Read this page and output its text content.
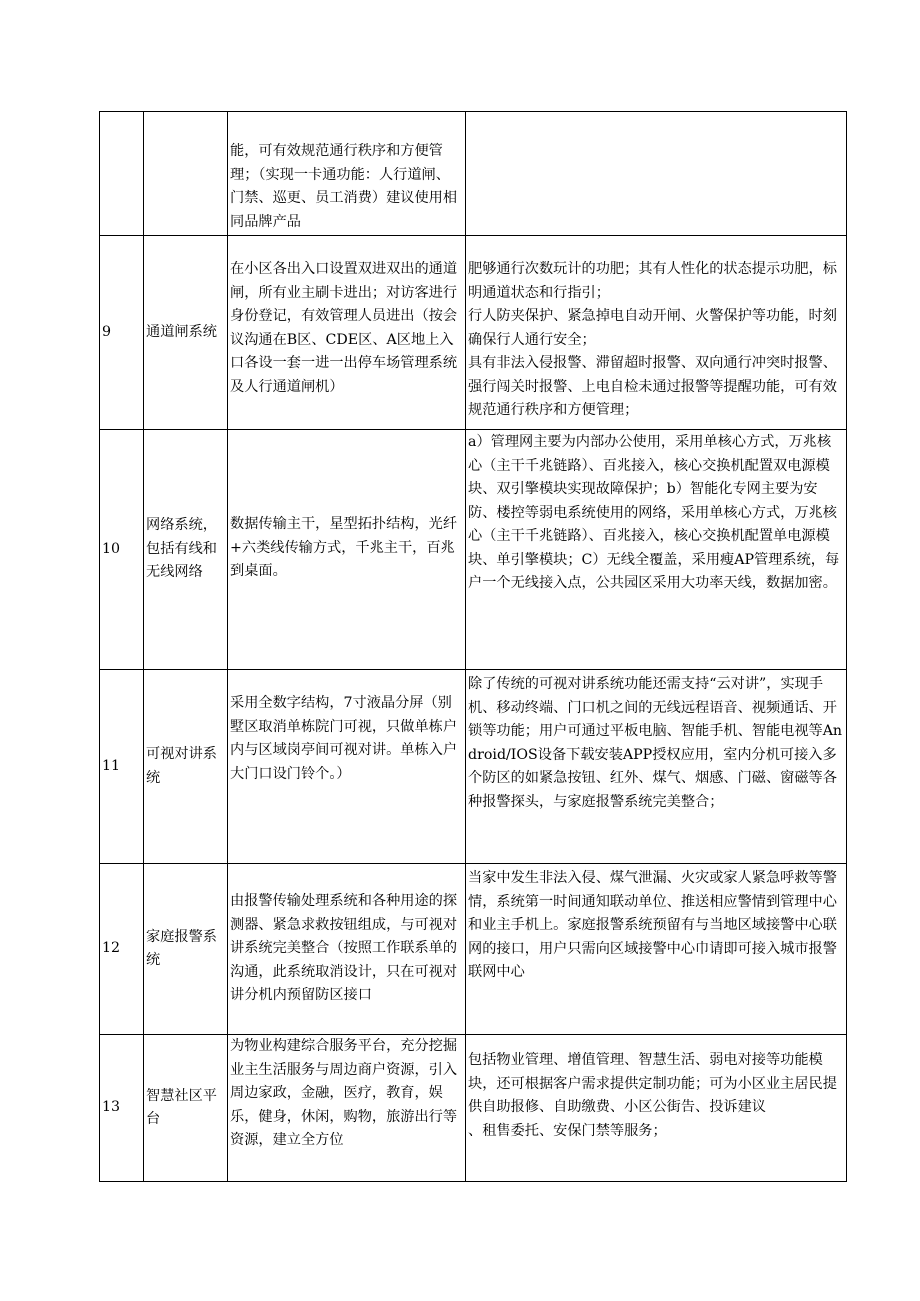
		能，可有效规范通行秩序和方便管理；（实现一卡通功能：人行道闸、门禁、巡更、员工消费）建议使用相同品牌产品	

9	通道闸系统	在小区各出入口设置双进双出的通道闸，所有业主刷卡进出；对访客进行身份登记，有效管理人员进出（按会议沟通在B区、CDE区、A区地上入口各设一套一进一出停车场管理系统及人行通道闸机）	肥够通行次数玩计的功肥；其有人性化的状态提示功肥，标明通道状态和行指引；
行人防夹保护、紧急掉电自动开闸、火警保护等功能，时刻确保行人通行安全；
具有非法入侵报警、滞留超时报警、双向通行冲突时报警、强行闯关时报警、上电自检未通过报警等提醒功能，可有效规范通行秩序和方便管理；

10	网络系统，包括有线和无线网络	数据传输主干，星型拓扑结构，光纤+六类线传输方式，千兆主干，百兆到桌面。	a）管理网主要为内部办公使用，采用单核心方式，万兆核心（主干千兆链路）、百兆接入，核心交换机配置双电源模块、双引擎模块实现故障保护；b）智能化专网主要为安防、楼控等弱电系统使用的网络，采用单核心方式，万兆核心（主干千兆链路）、百兆接入，核心交换机配置单电源模块、单引擎模块；C）无线全覆盖，采用瘦AP管理系统，每户一个无线接入点，公共园区采用大功率天线，数据加密。

11	可视对讲系统	采用全数字结构，7寸液晶分屏（别墅区取消单栋院门可视，只做单栋户内与区域岗亭间可视对讲。单栋入户大门口设门铃个。）	除了传统的可视对讲系统功能还需支持“云对讲”，实现手机、移动终端、门口机之间的无线远程语音、视频通话、开锁等功能；用户可通过平板电脑、智能手机、智能电视等Android/IOS设备下载安装APP授权应用，室内分机可接入多个防区的如紧急按钮、红外、煤气、烟感、门磁、窗磁等各种报警探头，与家庭报警系统完美整合；

12	家庭报警系统	由报警传输处理系统和各种用途的探测器、紧急求救按钮组成，与可视对讲系统完美整合（按照工作联系单的沟通，此系统取消设计，只在可视对讲分机内预留防区接口	当家中发生非法入侵、煤气泄漏、火灾或家人紧急呼救等警情，系统第一时间通知联动单位、推送相应警情到管理中心和业主手机上。家庭报警系统预留有与当地区域接警中心联网的接口，用户只需向区域接警中心巾请即可接入城市报警联网中心

13	智慧社区平台	为物业构建综合服务平台，充分挖掘业主生活服务与周边商户资源，引入周边家政，金融，医疗，教育，娱乐，健身，休闲，购物，旅游出行等资源，建立全方位	包括物业管理、增值管理、智慧生活、弱电对接等功能模块，还可根据客户需求提供定制功能；可为小区业主居民提供自助报修、自助缴费、小区公街告、投诉建议
、租售委托、安保门禁等服务；
